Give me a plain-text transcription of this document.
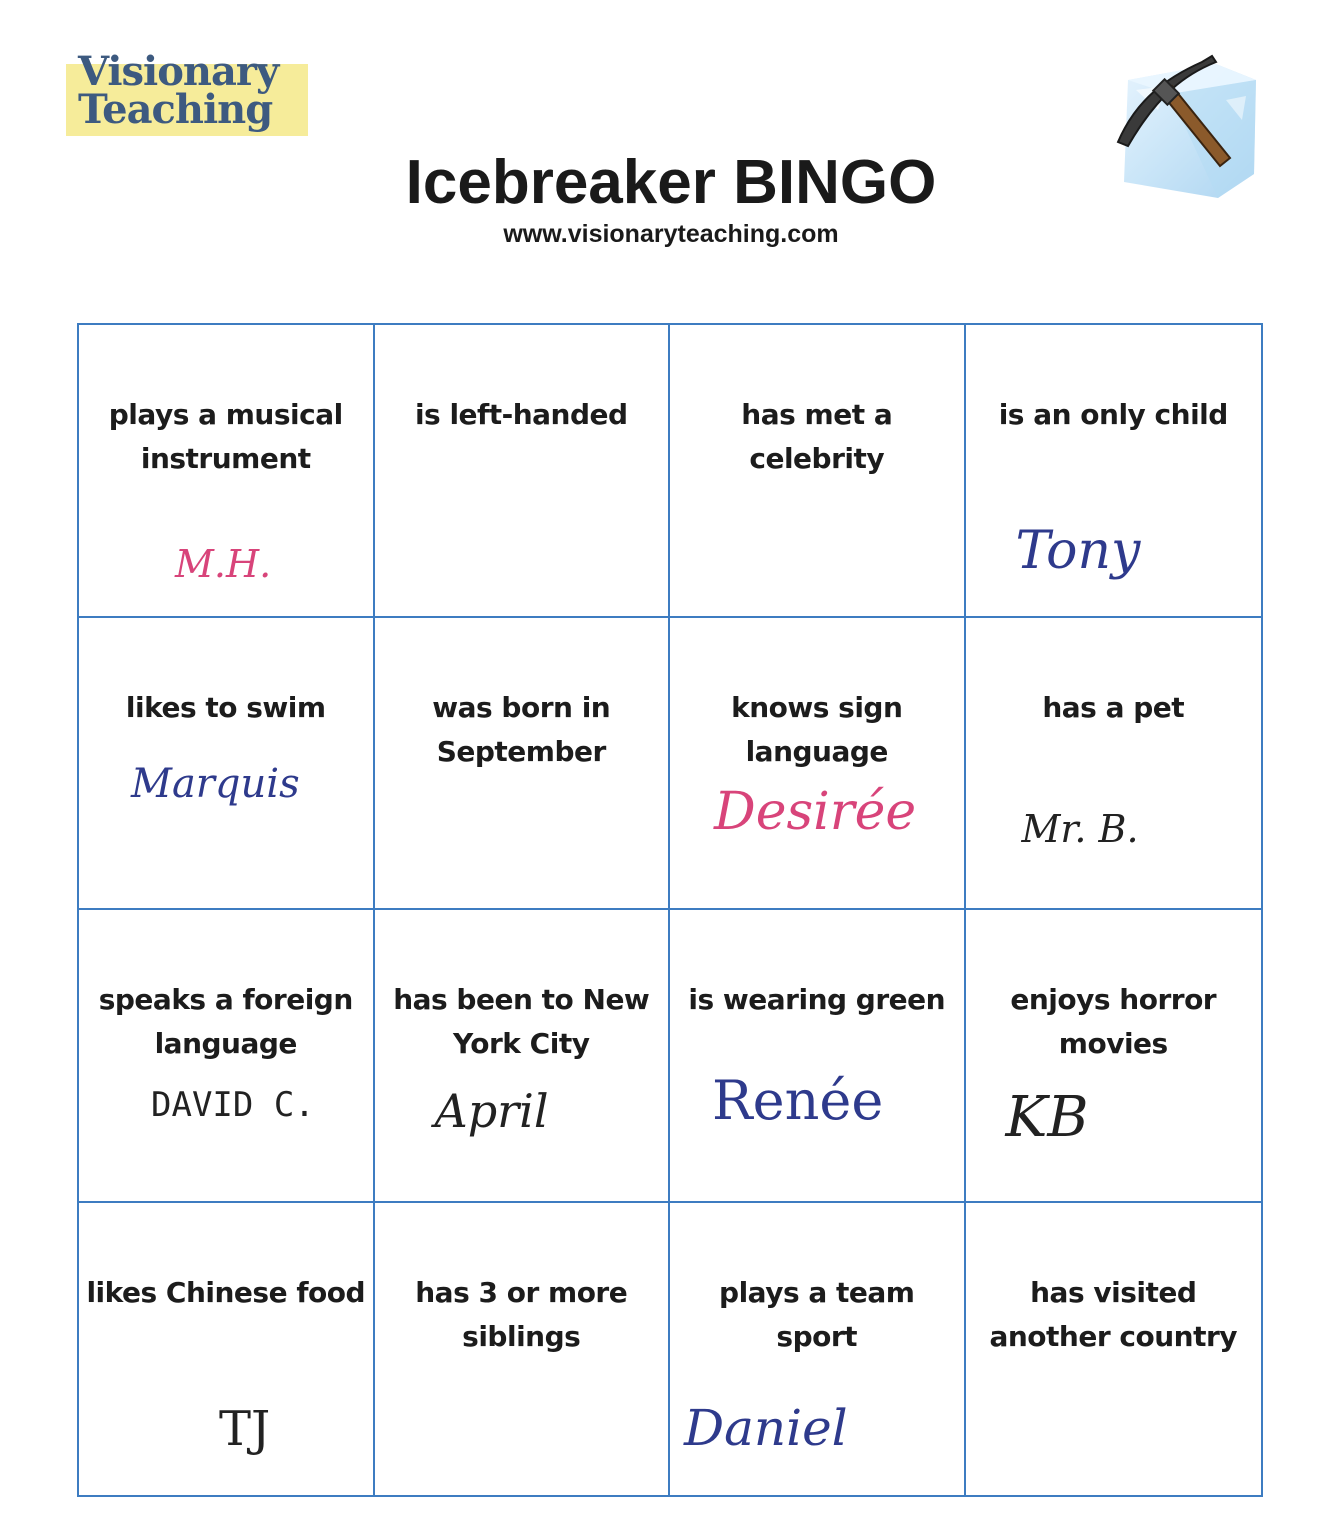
Visionary
Teaching
Icebreaker BINGO
www.visionaryteaching.com
plays a musical instrument
M.H.
is left-handed	has met a celebrity
is an only child
Tony
likes to swim
Marquis
was born in September
knows sign language
Desirée
has a pet
Mr. B.
speaks a foreign language
DAVID C.
has been to New York City
April
is wearing green
Renée
enjoys horror movies
KB
likes Chinese food
TJ
has 3 or more siblings
plays a team sport
Daniel
has visited another country
